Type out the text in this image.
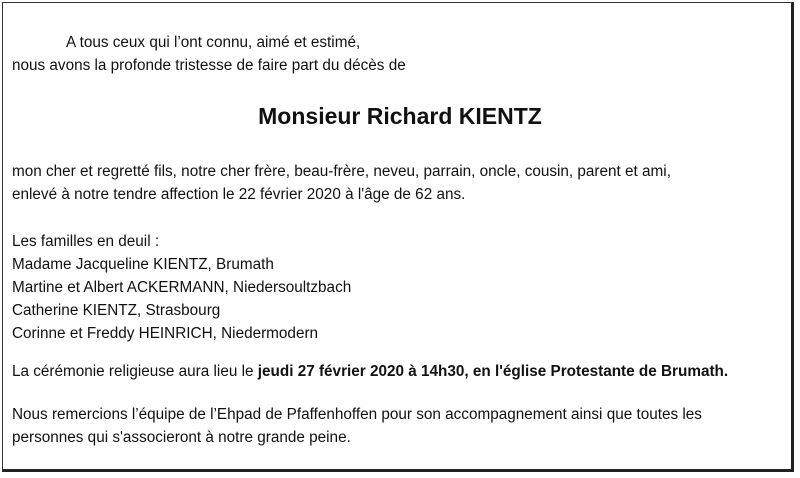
A tous ceux qui l’ont connu, aimé et estimé,
nous avons la profonde tristesse de faire part du décès de
Monsieur Richard KIENTZ
mon cher et regretté fils, notre cher frère, beau-frère, neveu, parrain, oncle, cousin, parent et ami,
enlevé à notre tendre affection le 22 février 2020 à l'âge de 62 ans.
Les familles en deuil :
Madame Jacqueline KIENTZ, Brumath
Martine et Albert ACKERMANN, Niedersoultzbach
Catherine KIENTZ, Strasbourg
Corinne et Freddy HEINRICH, Niedermodern
La cérémonie religieuse aura lieu le jeudi 27 février 2020 à 14h30, en l'église Protestante de Brumath.
Nous remercions l’équipe de l’Ehpad de Pfaffenhoffen pour son accompagnement ainsi que toutes les
personnes qui s'associeront à notre grande peine.
